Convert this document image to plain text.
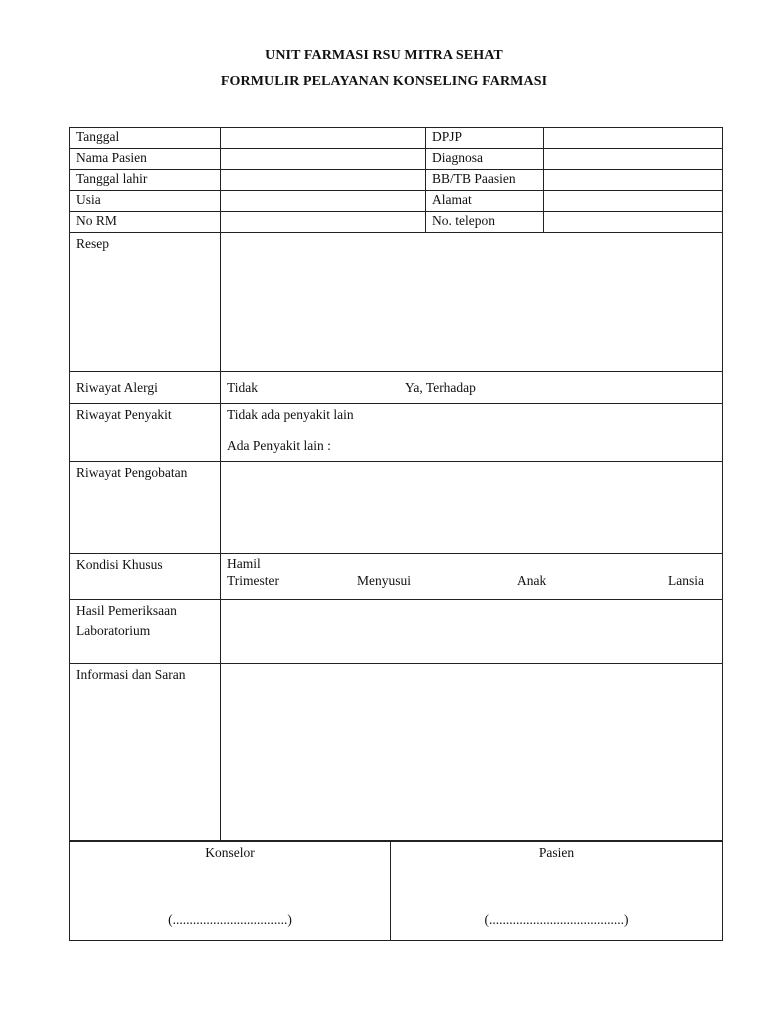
UNIT FARMASI RSU MITRA SEHAT
FORMULIR PELAYANAN KONSELING FARMASI
Tanggal		DPJP	
Nama Pasien		Diagnosa	
Tanggal lahir		BB/TB Paasien	
Usia		Alamat	
No RM		No. telepon	
Resep			
Riwayat Alergi	Tidak Ya, Terhadap		

Riwayat Penyakit	Tidak ada penyakit lain
Ada Penyakit lain :		

Riwayat Pengobatan			
Kondisi Khusus	Hamil
Trimester Menyusui Anak Lansia		

Hasil Pemeriksaan
Laboratorium			

Informasi dan Saran			
Konselor
(..................................)

Pasien
(........................................)
